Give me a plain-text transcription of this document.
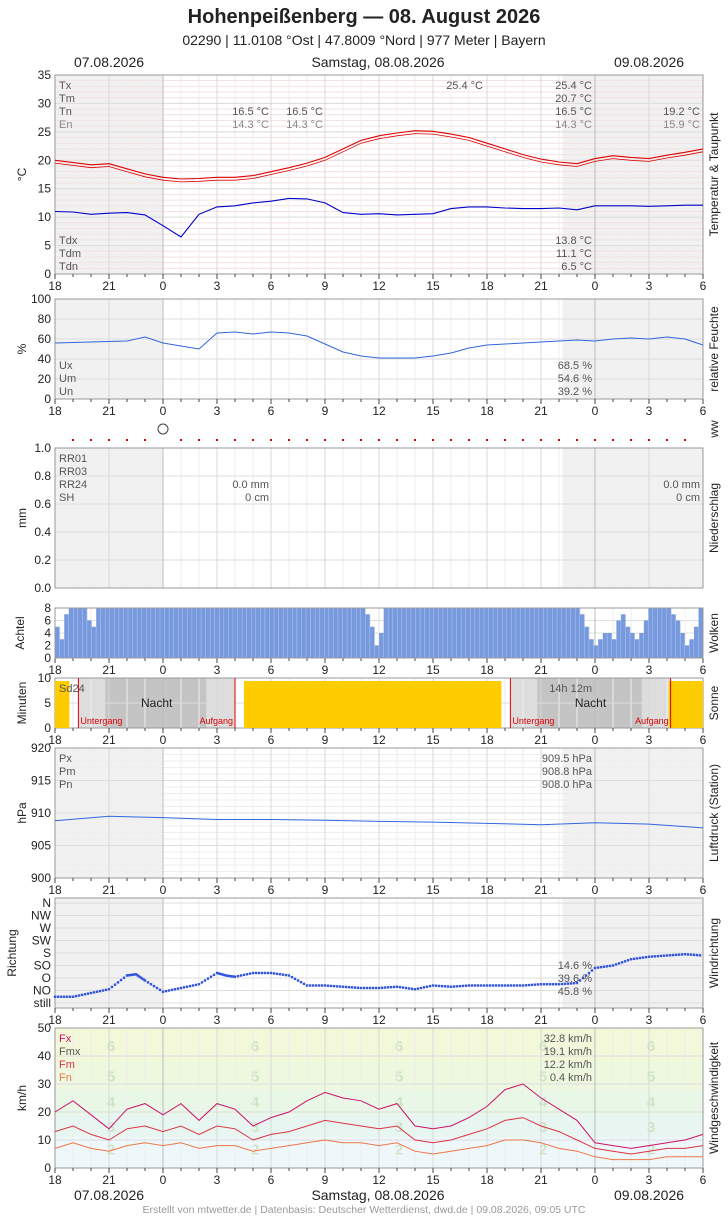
Hohenpeißenberg — 08. August 2026
02290 | 11.0108 °Ost | 47.8009 °Nord | 977 Meter | Bayern
07.08.2026	Samstag, 08.08.2026	09.08.2026
07.08.2026	Samstag, 08.08.2026	09.08.2026
0
5
10
15
20
25
30
35
°C	Temperatur & Taupunkt
18	21	0	3	6	9	12	15	18	21	0	3	6
Tx	25.4 °C	25.4 °C
Tm	20.7 °C
Tn	16.5 °C 16.5 °C	16.5 °C	19.2 °C
En	14.3 °C 14.3 °C	14.3 °C	15.9 °C
Tdx	13.8 °C
Tdm	11.1 °C
Tdn	6.5 °C
0
20
40
60
80
100
%	relative Feuchte
18	21	0	3	6	9	12	15	18	21	0	3	6
Ux	68.5 %
Um	54.6 %
Un	39.2 %
ww
0.0
0.2
0.4
0.6
0.8
1.0
mm	Niederschlag
RR01
RR03
RR24	0.0 mm	0.0 mm
SH	0 cm	0 cm
0
2
4
6
8
Achtel	Wolken
18	21	0	3	6	9	12	15	18	21	0	3	6
0
5
10
Minuten	Sonne
18	21	0	3	6	9	12	15	18	21	0	3	6
Untergang	Aufgang
Nacht
Untergang	Aufgang
Nacht
Sd24	14h 12m
900
905
910
915
920
hPa	Luftdruck (Station)
18	21	0	3	6	9	12	15	18	21	0	3	6
Px	909.5 hPa
Pm	908.8 hPa
Pn	908.0 hPa
still
NO
O
SO
S
SW
W
NW
N
Richtung	Windrichtung
18	21	0	3	6	9	12	15	18	21	0	3	6
14.6 %
39.6 %
45.8 %
2
3
4
5
6
2
3
4
5
6
2
3
4
5
6
2
3
4
5
6
2
3
4
5
6
0
10
20
30
40
50
km/h	Windgeschwindigkeit
18	21	0	3	6	9	12	15	18	21	0	3	6
Fx	32.8 km/h
Fmx	19.1 km/h
Fm	12.2 km/h
Fn	0.4 km/h
Erstellt von mtwetter.de | Datenbasis: Deutscher Wetterdienst, dwd.de | 09.08.2026, 09:05 UTC
